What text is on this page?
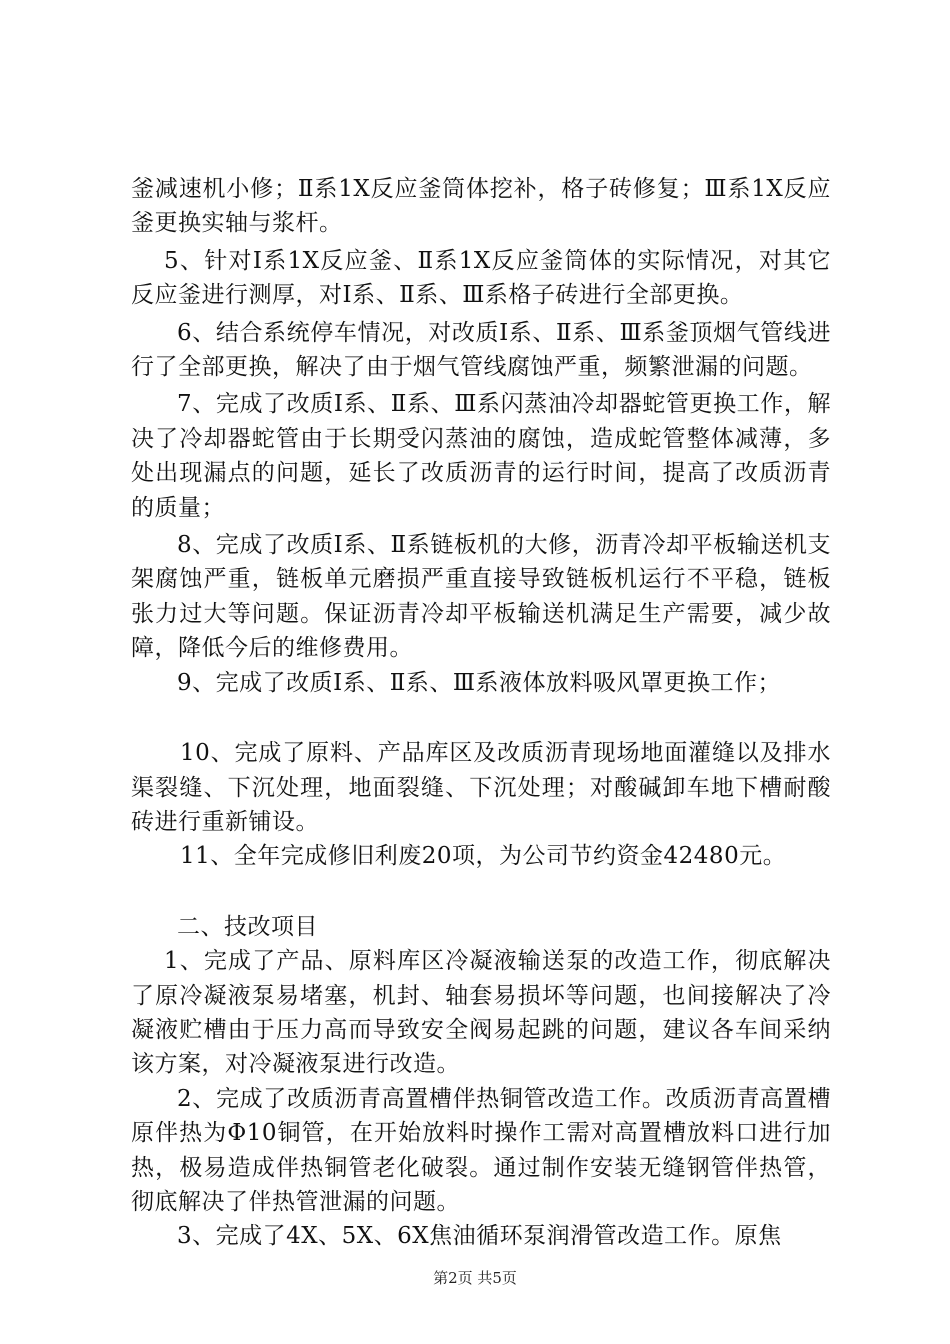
釜减速机小修；Ⅱ系1X反应釜筒体挖补，格子砖修复；Ⅲ系1X反应釜更换实轴与浆杆。

5、针对Ⅰ系1X反应釜、Ⅱ系1X反应釜筒体的实际情况，对其它反应釜进行测厚，对Ⅰ系、Ⅱ系、Ⅲ系格子砖进行全部更换。

6、结合系统停车情况，对改质Ⅰ系、Ⅱ系、Ⅲ系釜顶烟气管线进行了全部更换，解决了由于烟气管线腐蚀严重，频繁泄漏的问题。

7、完成了改质Ⅰ系、Ⅱ系、Ⅲ系闪蒸油冷却器蛇管更换工作，解决了冷却器蛇管由于长期受闪蒸油的腐蚀，造成蛇管整体减薄，多处出现漏点的问题，延长了改质沥青的运行时间，提高了改质沥青的质量；

8、完成了改质Ⅰ系、Ⅱ系链板机的大修，沥青冷却平板输送机支架腐蚀严重，链板单元磨损严重直接导致链板机运行不平稳，链板张力过大等问题。保证沥青冷却平板输送机满足生产需要，减少故障，降低今后的维修费用。

9、完成了改质Ⅰ系、Ⅱ系、Ⅲ系液体放料吸风罩更换工作；

10、完成了原料、产品库区及改质沥青现场地面灌缝以及排水渠裂缝、下沉处理，地面裂缝、下沉处理；对酸碱卸车地下槽耐酸砖进行重新铺设。

11、全年完成修旧利废20项，为公司节约资金42480元。

二、技改项目

1、完成了产品、原料库区冷凝液输送泵的改造工作，彻底解决了原冷凝液泵易堵塞，机封、轴套易损坏等问题，也间接解决了冷凝液贮槽由于压力高而导致安全阀易起跳的问题，建议各车间采纳该方案，对冷凝液泵进行改造。

2、完成了改质沥青高置槽伴热铜管改造工作。改质沥青高置槽原伴热为Φ10铜管，在开始放料时操作工需对高置槽放料口进行加热，极易造成伴热铜管老化破裂。通过制作安装无缝钢管伴热管，彻底解决了伴热管泄漏的问题。

3、完成了4X、5X、6X焦油循环泵润滑管改造工作。原焦

第2页 共5页
